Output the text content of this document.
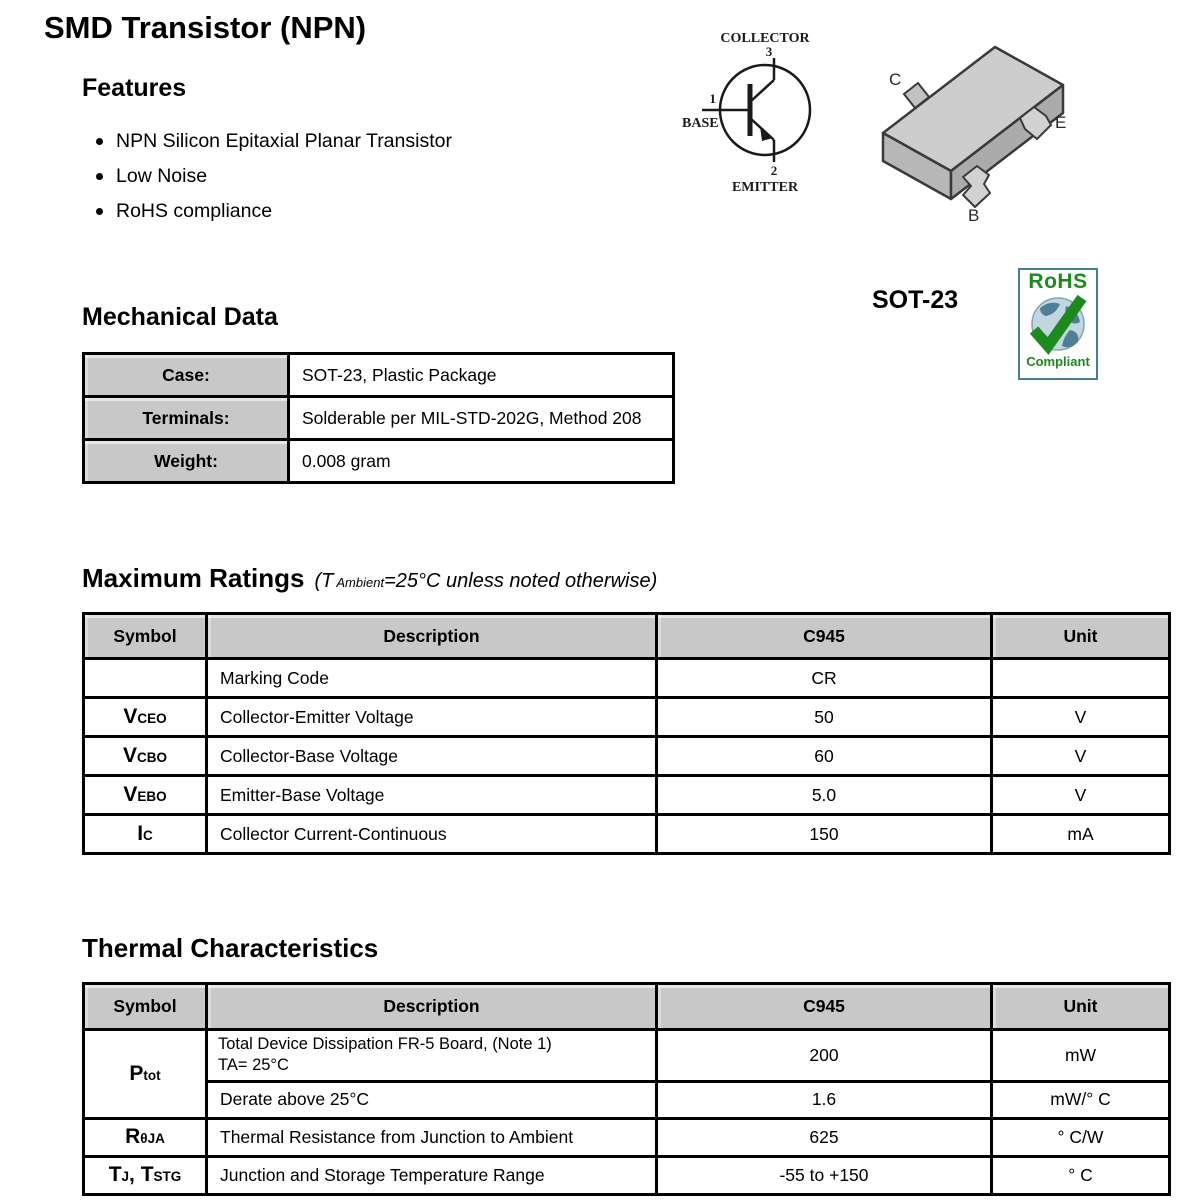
SMD Transistor (NPN)
Features
NPN Silicon Epitaxial Planar Transistor
Low Noise
RoHS compliance
COLLECTOR
3
1
BASE
2
EMITTER
C
E
B
SOT-23
RoHS
Compliant
Mechanical Data
Case:	SOT-23, Plastic Package
Terminals:	Solderable per MIL-STD-202G, Method 208
Weight:	0.008 gram
Maximum Ratings (T Ambient=25°C unless noted otherwise)
Symbol	Description	C945	Unit
	Marking Code	CR	
VCEO	Collector-Emitter Voltage	50	V
VCBO	Collector-Base Voltage	60	V
VEBO	Emitter-Base Voltage	5.0	V
IC	Collector Current-Continuous	150	mA
Thermal Characteristics
Symbol	Description	C945	Unit
Ptot	Total Device Dissipation FR-5 Board, (Note 1)
TA= 25°C	200	mW
	Derate above 25°C	1.6	mW/° C
RθJA	Thermal Resistance from Junction to Ambient	625	° C/W
TJ, TSTG	Junction and Storage Temperature Range	-55 to +150	° C
